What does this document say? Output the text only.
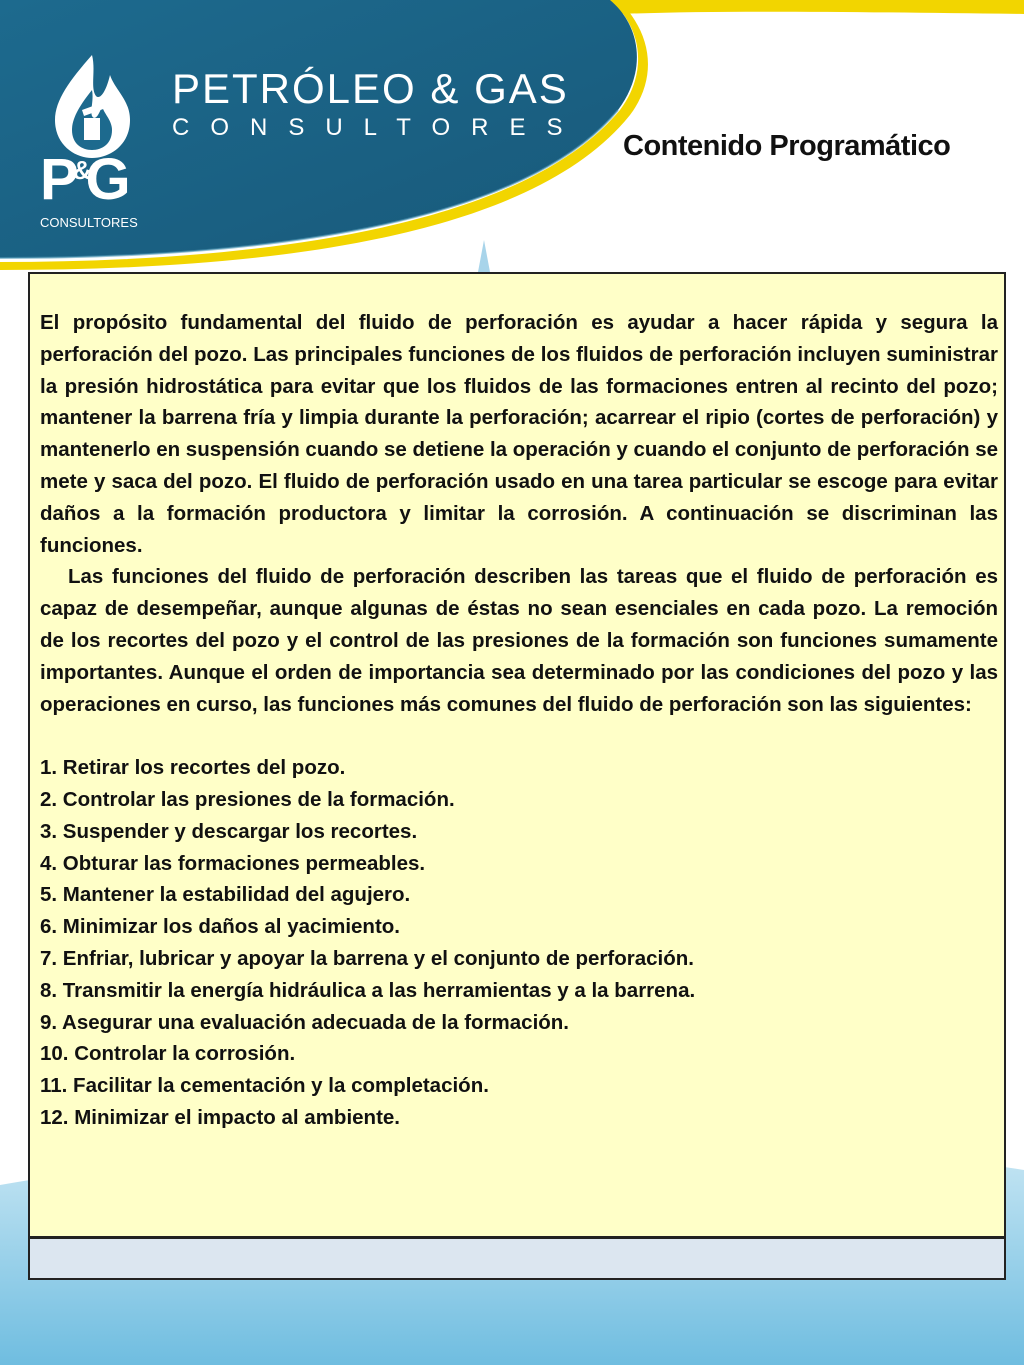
PETRÓLEO & GAS
CONSULTORES
P&G
CONSULTORES
Contenido Programático

El propósito fundamental del fluido de perforación es ayudar a hacer rápida y segura la perforación del pozo. Las principales funciones de los fluidos de perforación incluyen suministrar la presión hidrostática para evitar que los fluidos de las formaciones entren al recinto del pozo; mantener la barrena fría y limpia durante la perforación; acarrear el ripio (cortes de perforación) y mantenerlo en suspensión cuando se detiene la operación y cuando el conjunto de perforación se mete y saca del pozo. El fluido de perforación usado en una tarea particular se escoge para evitar daños a la formación productora y limitar la corrosión. A continuación se discriminan las funciones.

Las funciones del fluido de perforación describen las tareas que el fluido de perforación es capaz de desempeñar, aunque algunas de éstas no sean esenciales en cada pozo. La remoción de los recortes del pozo y el control de las presiones de la formación son funciones sumamente importantes. Aunque el orden de importancia sea determinado por las condiciones del pozo y las operaciones en curso, las funciones más comunes del fluido de perforación son las siguientes:

1. Retirar los recortes del pozo.
2. Controlar las presiones de la formación.
3. Suspender y descargar los recortes.
4. Obturar las formaciones permeables.
5. Mantener la estabilidad del agujero.
6. Minimizar los daños al yacimiento.
7. Enfriar, lubricar y apoyar la barrena y el conjunto de perforación.
8. Transmitir la energía hidráulica a las herramientas y a la barrena.
9. Asegurar una evaluación adecuada de la formación.
10. Controlar la corrosión.
11. Facilitar la cementación y la completación.
12. Minimizar el impacto al ambiente.
